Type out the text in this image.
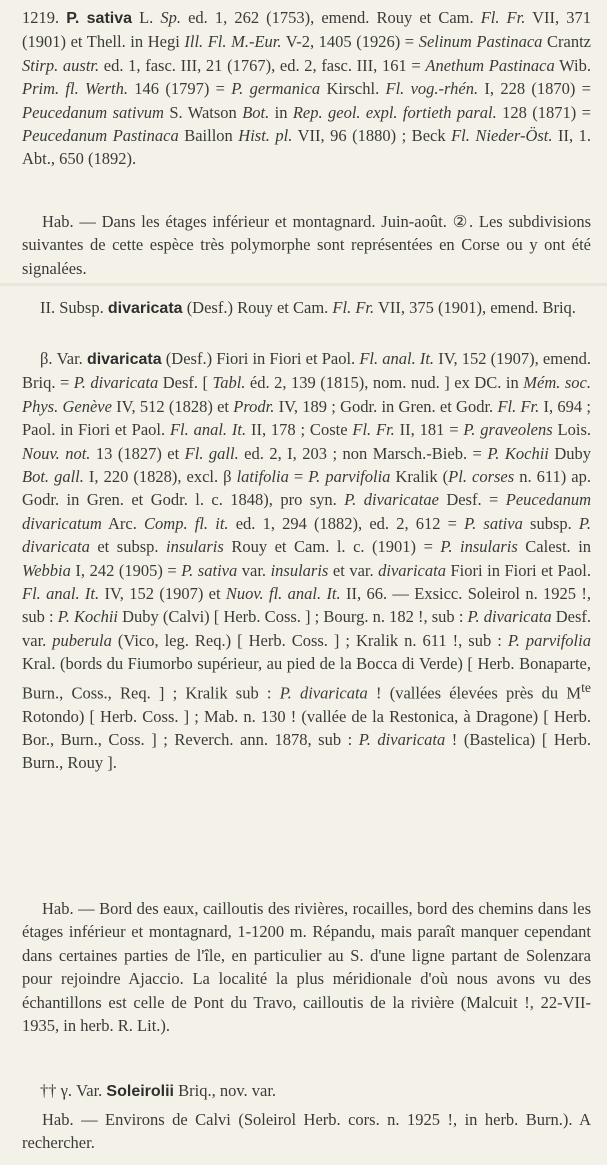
1219. P. sativa L. Sp. ed. 1, 262 (1753), emend. Rouy et Cam. Fl. Fr. VII, 371 (1901) et Thell. in Hegi Ill. Fl. M.-Eur. V-2, 1405 (1926) = Selinum Pastinaca Crantz Stirp. austr. ed. 1, fasc. III, 21 (1767), ed. 2, fasc. III, 161 = Anethum Pastinaca Wib. Prim. fl. Werth. 146 (1797) = P. germanica Kirschl. Fl. vog.-rhén. I, 228 (1870) = Peucedanum sativum S. Watson Bot. in Rep. geol. expl. fortieth paral. 128 (1871) = Peucedanum Pastinaca Baillon Hist. pl. VII, 96 (1880) ; Beck Fl. Nieder-Öst. II, 1. Abt., 650 (1892).

Hab. — Dans les étages inférieur et montagnard. Juin-août. ②. Les subdivisions suivantes de cette espèce très polymorphe sont représentées en Corse ou y ont été signalées.

II. Subsp. divaricata (Desf.) Rouy et Cam. Fl. Fr. VII, 375 (1901), emend. Briq.

β. Var. divaricata (Desf.) Fiori in Fiori et Paol. Fl. anal. It. IV, 152 (1907), emend. Briq. = P. divaricata Desf. [ Tabl. éd. 2, 139 (1815), nom. nud. ] ex DC. in Mém. soc. Phys. Genève IV, 512 (1828) et Prodr. IV, 189 ; Godr. in Gren. et Godr. Fl. Fr. I, 694 ; Paol. in Fiori et Paol. Fl. anal. It. II, 178 ; Coste Fl. Fr. II, 181 = P. graveolens Lois. Nouv. not. 13 (1827) et Fl. gall. ed. 2, I, 203 ; non Marsch.-Bieb. = P. Kochii Duby Bot. gall. I, 220 (1828), excl. β latifolia = P. parvifolia Kralik (Pl. corses n. 611) ap. Godr. in Gren. et Godr. l. c. 1848), pro syn. P. divaricatae Desf. = Peucedanum divaricatum Arc. Comp. fl. it. ed. 1, 294 (1882), ed. 2, 612 = P. sativa subsp. P. divaricata et subsp. insularis Rouy et Cam. l. c. (1901) = P. insularis Calest. in Webbia I, 242 (1905) = P. sativa var. insularis et var. divaricata Fiori in Fiori et Paol. Fl. anal. It. IV, 152 (1907) et Nuov. fl. anal. It. II, 66. — Exsicc. Soleirol n. 1925 !, sub : P. Kochii Duby (Calvi) [ Herb. Coss. ] ; Bourg. n. 182 !, sub : P. divaricata Desf. var. puberula (Vico, leg. Req.) [ Herb. Coss. ] ; Kralik n. 611 !, sub : P. parvifolia Kral. (bords du Fiumorbo supérieur, au pied de la Bocca di Verde) [ Herb. Bonaparte, Burn., Coss., Req. ] ; Kralik sub : P. divaricata ! (vallées élevées près du $M^{te}$ Rotondo) [ Herb. Coss. ] ; Mab. n. 130 ! (vallée de la Restonica, à Dragone) [ Herb. Bor., Burn., Coss. ] ; Reverch. ann. 1878, sub : P. divaricata ! (Bastelica) [ Herb. Burn., Rouy ].

Hab. — Bord des eaux, cailloutis des rivières, rocailles, bord des chemins dans les étages inférieur et montagnard, 1-1200 m. Répandu, mais paraît manquer cependant dans certaines parties de l'île, en particulier au S. d'une ligne partant de Solenzara pour rejoindre Ajaccio. La localité la plus méridionale d'où nous avons vu des échantillons est celle de Pont du Travo, cailloutis de la rivière (Malcuit !, 22-VII-1935, in herb. R. Lit.).

†† γ. Var. Soleirolii Briq., nov. var.

Hab. — Environs de Calvi (Soleirol Herb. cors. n. 1925 !, in herb. Burn.). A rechercher.
